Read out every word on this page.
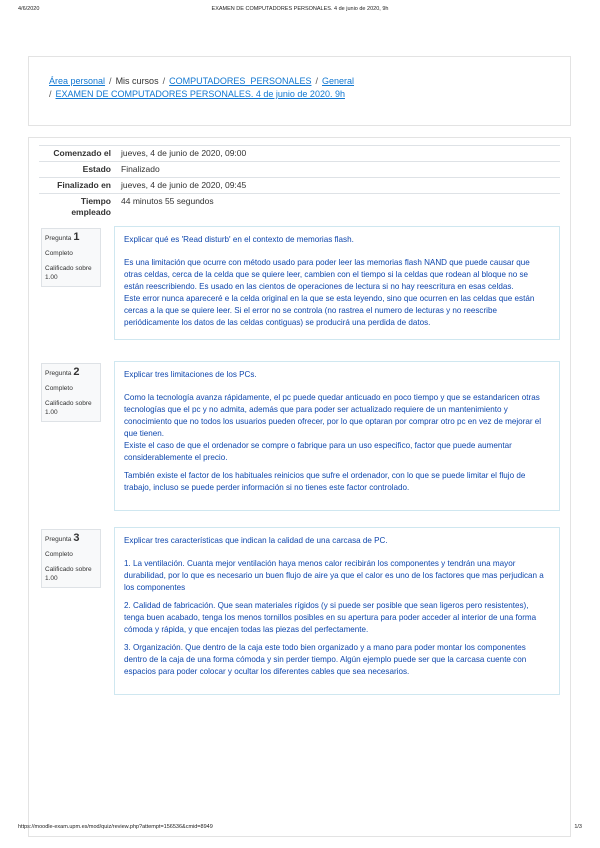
4/6/2020	EXAMEN DE COMPUTADORES PERSONALES. 4 de junio de 2020, 9h
Área personal / Mis cursos / COMPUTADORES_PERSONALES / General
/ EXAMEN DE COMPUTADORES PERSONALES. 4 de junio de 2020. 9h
Comenzado el	jueves, 4 de junio de 2020, 09:00
Estado	Finalizado
Finalizado en	jueves, 4 de junio de 2020, 09:45
Tiempo
empleado	44 minutos 55 segundos
Pregunta 1
Completo
Calificado sobre
1.00
Explicar qué es 'Read disturb' en el contexto de memorias flash.

Es una limitación que ocurre con método usado para poder leer las memorias flash NAND que puede causar que otras celdas, cerca de la celda que se quiere leer, cambien con el tiempo si la celdas que rodean al bloque no se están reescribiendo. Es usado en las cientos de operaciones de lectura si no hay reescritura en esas celdas.

Este error nunca apareceré e la celda original en la que se esta leyendo, sino que ocurren en las celdas que están cercas a la que se quiere leer. Si el error no se controla (no rastrea el numero de lecturas y no reescribe periódicamente los datos de las celdas contiguas) se producirá una perdida de datos.

Pregunta 2
Completo
Calificado sobre
1.00
Explicar tres limitaciones de los PCs.

Como la tecnología avanza rápidamente, el pc puede quedar anticuado en poco tiempo y que se estandaricen otras tecnologías que el pc y no admita, además que para poder ser actualizado requiere de un mantenimiento y conocimiento que no todos los usuarios pueden ofrecer, por lo que optaran por comprar otro pc en vez de mejorar el que tienen.

Existe el caso de que el ordenador se compre o fabrique para un uso especifico, factor que puede aumentar considerablemente el precio.

También existe el factor de los habituales reinicios que sufre el ordenador, con lo que se puede limitar el flujo de trabajo, incluso se puede perder información si no tienes este factor controlado.

Pregunta 3
Completo
Calificado sobre
1.00
Explicar tres características que indican la calidad de una carcasa de PC.

1. La ventilación. Cuanta mejor ventilación haya menos calor recibirán los componentes y tendrán una mayor durabilidad, por lo que es necesario un buen flujo de aire ya que el calor es uno de los factores que mas perjudican a los componentes

2. Calidad de fabricación. Que sean materiales rígidos (y si puede ser posible que sean ligeros pero resistentes), tenga buen acabado, tenga los menos tornillos posibles en su apertura para poder acceder al interior de una forma cómoda y rápida, y que encajen todas las piezas del perfectamente.

3. Organización. Que dentro de la caja este todo bien organizado y a mano para poder montar los componentes dentro de la caja de una forma cómoda y sin perder tiempo. Algún ejemplo puede ser que la carcasa cuente con espacios para poder colocar y ocultar los diferentes cables que sea necesarios.

https://moodle-exam.upm.es/mod/quiz/review.php?attempt=156536&cmid=8949	1/3
